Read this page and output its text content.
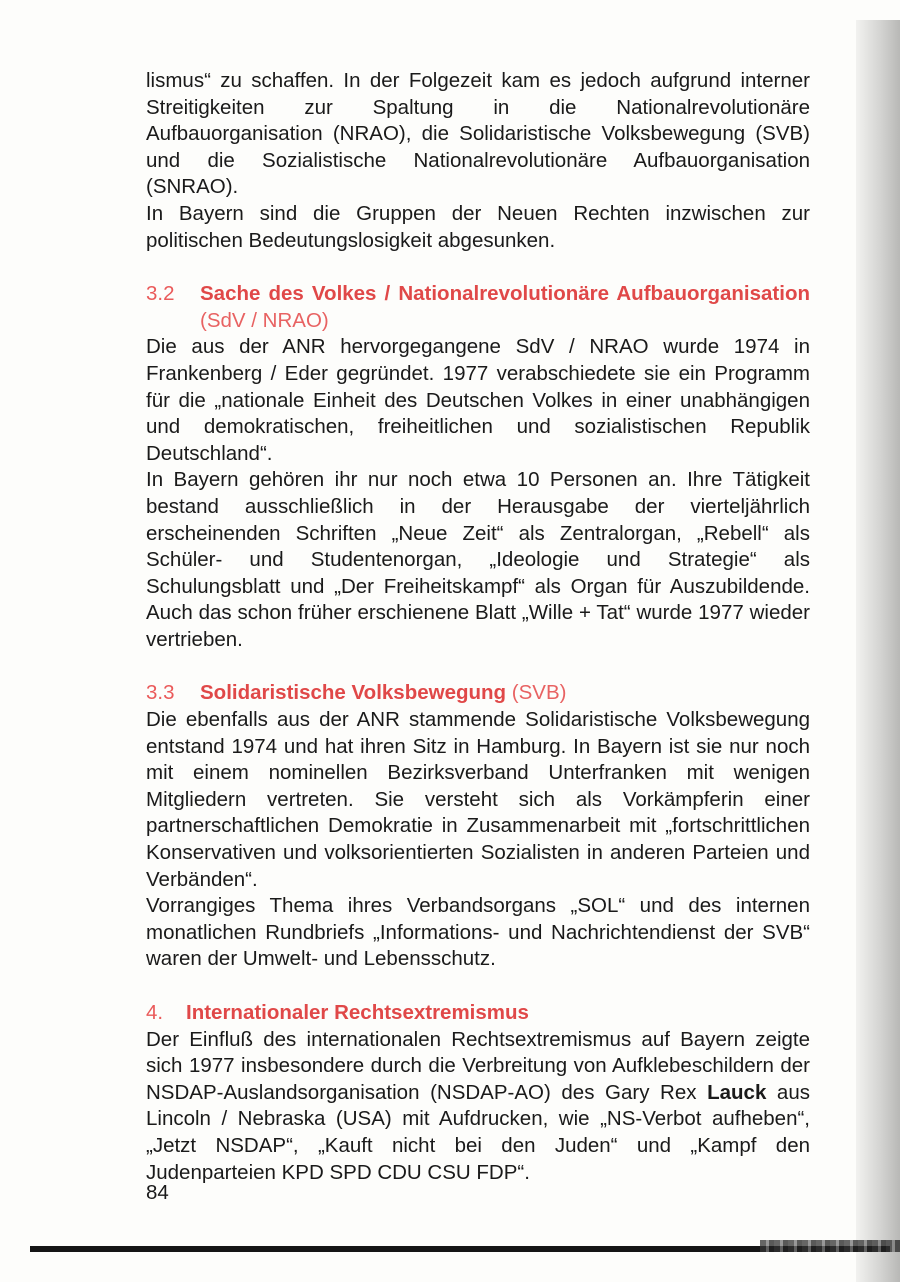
lismus“ zu schaffen. In der Folgezeit kam es jedoch aufgrund interner Streitigkeiten zur Spaltung in die Nationalrevolutionäre Aufbauorganisation (NRAO), die Solidaristische Volksbewegung (SVB) und die Sozialistische Nationalrevolutionäre Aufbauorganisation (SNRAO).

In Bayern sind die Gruppen der Neuen Rechten inzwischen zur politischen Bedeutungslosigkeit abgesunken.

3.2 Sache des Volkes / Nationalrevolutionäre Aufbauorganisation (SdV / NRAO)

Die aus der ANR hervorgegangene SdV / NRAO wurde 1974 in Frankenberg / Eder gegründet. 1977 verabschiedete sie ein Programm für die „nationale Einheit des Deutschen Volkes in einer unabhängigen und demokratischen, freiheitlichen und sozialistischen Republik Deutschland“.

In Bayern gehören ihr nur noch etwa 10 Personen an. Ihre Tätigkeit bestand ausschließlich in der Herausgabe der vierteljährlich erscheinenden Schriften „Neue Zeit“ als Zentralorgan, „Rebell“ als Schüler- und Studentenorgan, „Ideologie und Strategie“ als Schulungsblatt und „Der Freiheitskampf“ als Organ für Auszubildende. Auch das schon früher erschienene Blatt „Wille + Tat“ wurde 1977 wieder vertrieben.

3.3 Solidaristische Volksbewegung (SVB)

Die ebenfalls aus der ANR stammende Solidaristische Volksbewegung entstand 1974 und hat ihren Sitz in Hamburg. In Bayern ist sie nur noch mit einem nominellen Bezirksverband Unterfranken mit wenigen Mitgliedern vertreten. Sie versteht sich als Vorkämpferin einer partnerschaftlichen Demokratie in Zusammenarbeit mit „fortschrittlichen Konservativen und volksorientierten Sozialisten in anderen Parteien und Verbänden“.

Vorrangiges Thema ihres Verbandsorgans „SOL“ und des internen monatlichen Rundbriefs „Informations- und Nachrichtendienst der SVB“ waren der Umwelt- und Lebensschutz.

4. Internationaler Rechtsextremismus

Der Einfluß des internationalen Rechtsextremismus auf Bayern zeigte sich 1977 insbesondere durch die Verbreitung von Aufklebeschildern der NSDAP-Auslandsorganisation (NSDAP-AO) des Gary Rex Lauck aus Lincoln / Nebraska (USA) mit Aufdrucken, wie „NS-Verbot aufheben“, „Jetzt NSDAP“, „Kauft nicht bei den Juden“ und „Kampf den Judenparteien KPD SPD CDU CSU FDP“.

84
